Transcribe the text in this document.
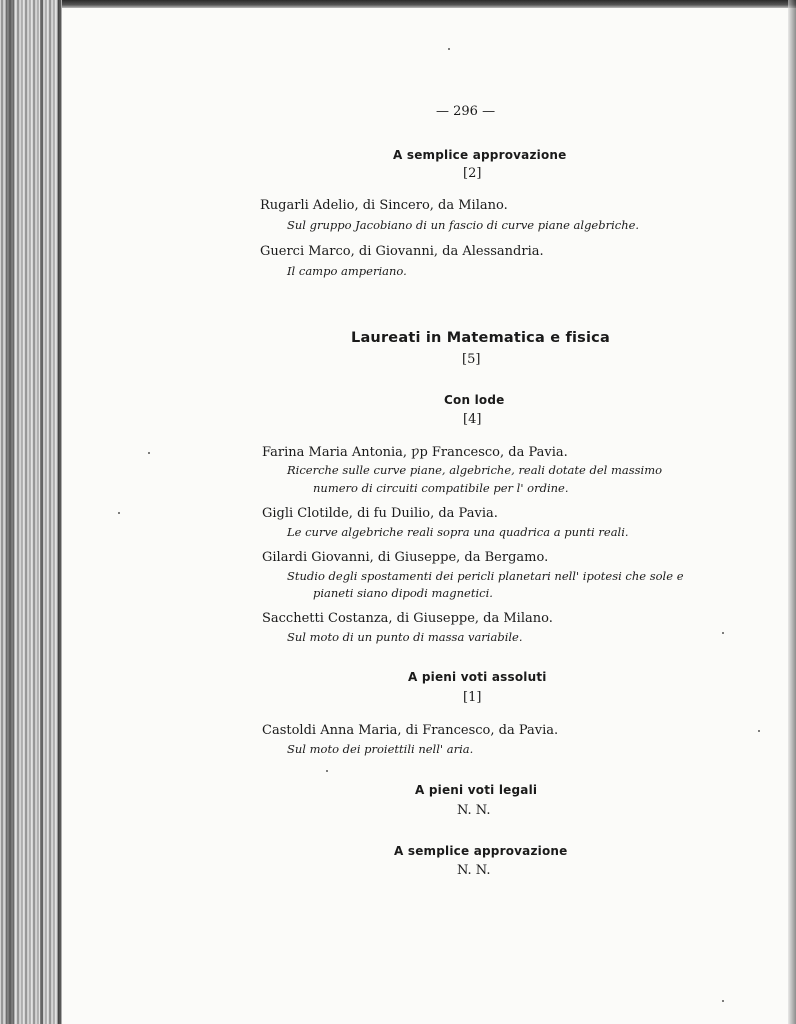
— 296 —
A semplice approvazione
[2]
Rugarli Adelio, di Sincero, da Milano.
Sul gruppo Jacobiano di un fascio di curve piane algebriche.
Guerci Marco, di Giovanni, da Alessandria.
Il campo amperiano.
Laureati in Matematica e fisica
[5]
Con lode
[4]
Farina Maria Antonia, ƿp Francesco, da Pavia.
Ricerche sulle curve piane, algebriche, reali dotate del massimo
numero di circuiti compatibile per l' ordine.
Gigli Clotilde, di fu Duilio, da Pavia.
Le curve algebriche reali sopra una quadrica a punti reali.
Gilardi Giovanni, di Giuseppe, da Bergamo.
Studio degli spostamenti dei pericli planetari nell' ipotesi che sole e
pianeti siano dipodi magnetici.
Sacchetti Costanza, di Giuseppe, da Milano.
Sul moto di un punto di massa variabile.
A pieni voti assoluti
[1]
Castoldi Anna Maria, di Francesco, da Pavia.
Sul moto dei proiettili nell' aria.
A pieni voti legali
N. N.
A semplice approvazione
N. N.
